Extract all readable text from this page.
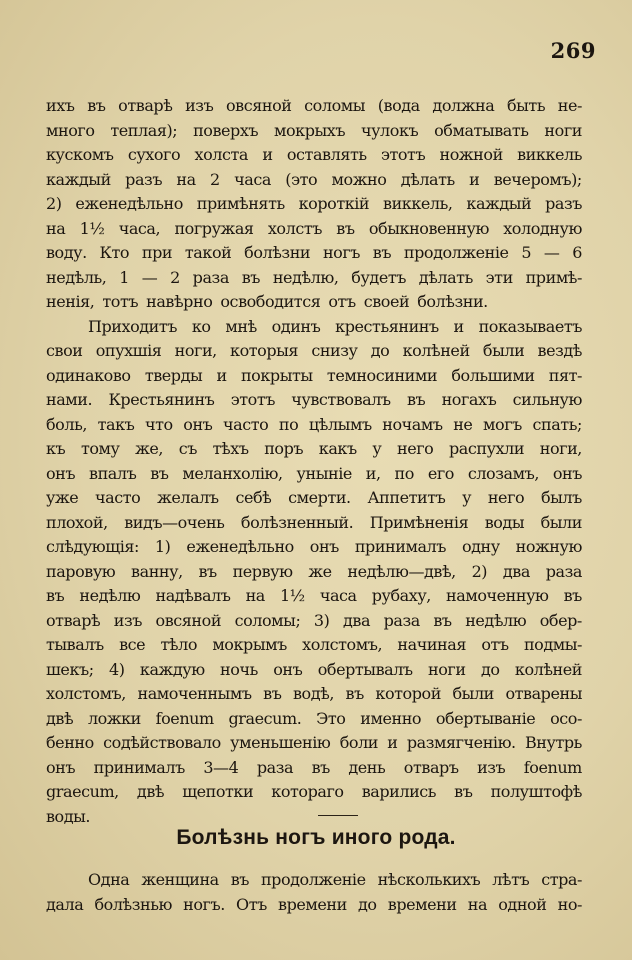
269
ихъ въ отварѣ изъ овсяной соломы (вода должна быть не-
много теплая); поверхъ мокрыхъ чулокъ обматывать ноги
кускомъ сухого холста и оставлять этотъ ножной виккель
каждый разъ на 2 часа (это можно дѣлать и вечеромъ);
2) еженедѣльно примѣнять короткій виккель, каждый разъ
на 1½ часа, погружая холстъ въ обыкновенную холодную
воду. Кто при такой болѣзни ногъ въ продолженіе 5 — 6
недѣль, 1 — 2 раза въ недѣлю, будетъ дѣлать эти примѣ-
ненія, тотъ навѣрно освободится отъ своей болѣзни.
Приходитъ ко мнѣ одинъ крестьянинъ и показываетъ
свои опухшія ноги, которыя снизу до колѣней были вездѣ
одинаково тверды и покрыты темносиними большими пят-
нами. Крестьянинъ этотъ чувствовалъ въ ногахъ сильную
боль, такъ что онъ часто по цѣлымъ ночамъ не могъ спать;
къ тому же, съ тѣхъ поръ какъ у него распухли ноги,
онъ впалъ въ меланхолію, уныніе и, по его слозамъ, онъ
уже часто желалъ себѣ смерти. Аппетитъ у него былъ
плохой, видъ—очень болѣзненный. Примѣненія воды были
слѣдующія: 1) еженедѣльно онъ принималъ одну ножную
паровую ванну, въ первую же недѣлю—двѣ, 2) два раза
въ недѣлю надѣвалъ на 1½ часа рубаху, намоченную въ
отварѣ изъ овсяной соломы; 3) два раза въ недѣлю обер-
тывалъ все тѣло мокрымъ холстомъ, начиная отъ подмы-
шекъ; 4) каждую ночь онъ обертывалъ ноги до колѣней
холстомъ, намоченнымъ въ водѣ, въ которой были отварены
двѣ ложки foenum graecum. Это именно обертываніе осо-
бенно содѣйствовало уменьшенію боли и размягченію. Внутрь
онъ принималъ 3—4 раза въ день отваръ изъ foenum
graecum, двѣ щепотки котораго варились въ полуштофѣ
воды.
Болѣзнь ногъ иного рода.
Одна женщина въ продолженіе нѣсколькихъ лѣтъ стра-
дала болѣзнью ногъ. Отъ времени до времени на одной но-
